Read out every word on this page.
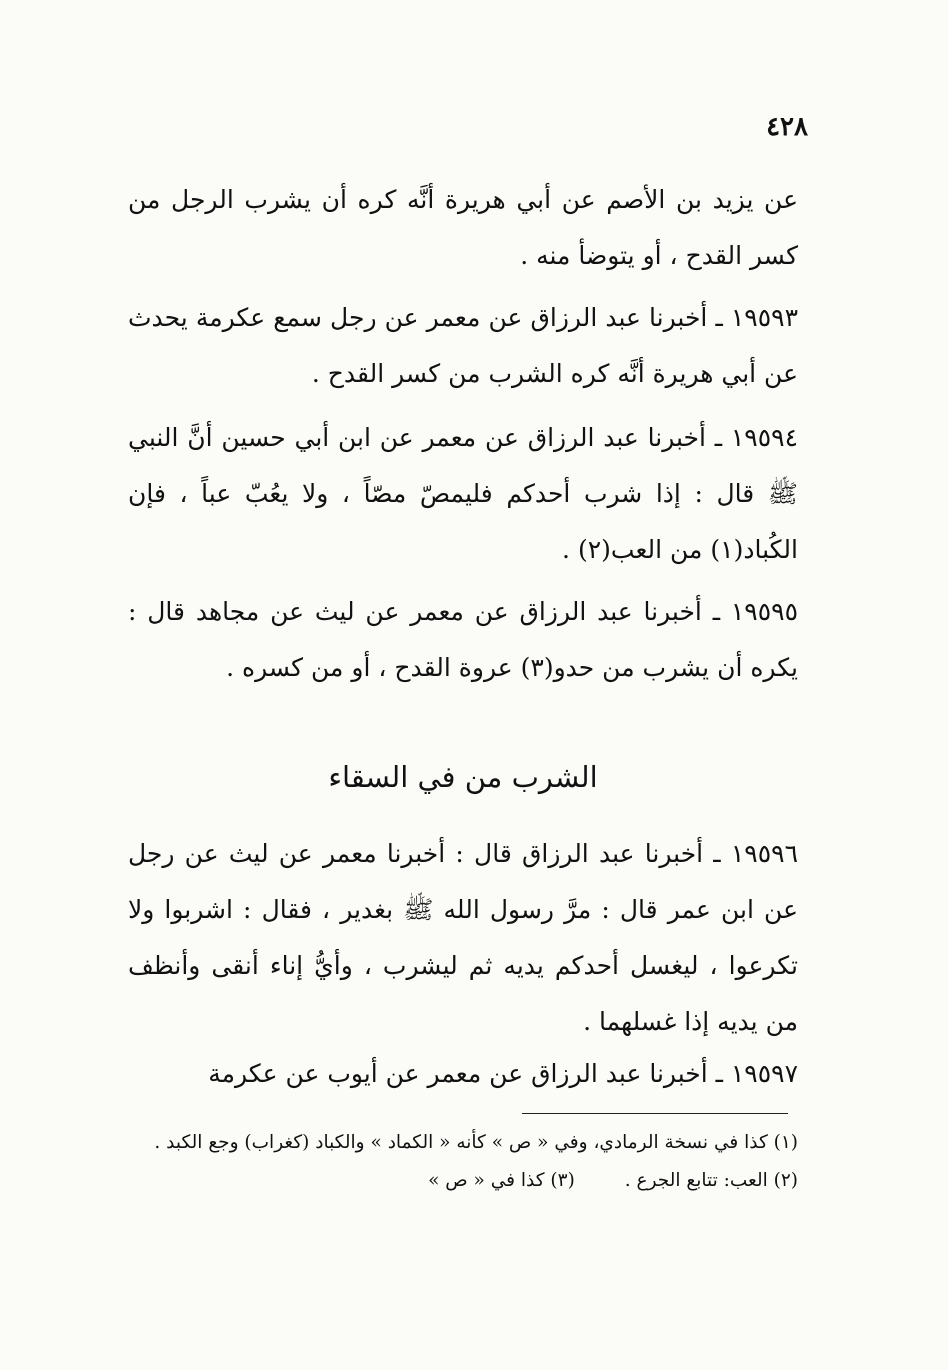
٤٢٨
عن يزيد بن الأصم عن أبي هريرة أنَّه كره أن يشرب الرجل من كسر القدح ، أو يتوضأ منه .
١٩٥٩٣ ـ أخبرنا عبد الرزاق عن معمر عن رجل سمع عكرمة يحدث عن أبي هريرة أنَّه كره الشرب من كسر القدح .
١٩٥٩٤ ـ أخبرنا عبد الرزاق عن معمر عن ابن أبي حسين أنَّ النبي ﷺ قال : إذا شرب أحدكم فليمصّ مصّاً ، ولا يعُبّ عباً ، فإن الكُباد(١) من العب(٢) .
١٩٥٩٥ ـ أخبرنا عبد الرزاق عن معمر عن ليث عن مجاهد قال : يكره أن يشرب من حدو(٣) عروة القدح ، أو من كسره .
الشرب من في السقاء
١٩٥٩٦ ـ أخبرنا عبد الرزاق قال : أخبرنا معمر عن ليث عن رجل عن ابن عمر قال : مرَّ رسول الله ﷺ بغدير ، فقال : اشربوا ولا تكرعوا ، ليغسل أحدكم يديه ثم ليشرب ، وأيُّ إناء أنقى وأنظف من يديه إذا غسلهما .
١٩٥٩٧ ـ أخبرنا عبد الرزاق عن معمر عن أيوب عن عكرمة
(١) كذا في نسخة الرمادي، وفي « ص » كأنه « الكماد » والكباد (كغراب) وجع الكبد .
(٢) العب: تتابع الجرع .
(٣) كذا في « ص »
